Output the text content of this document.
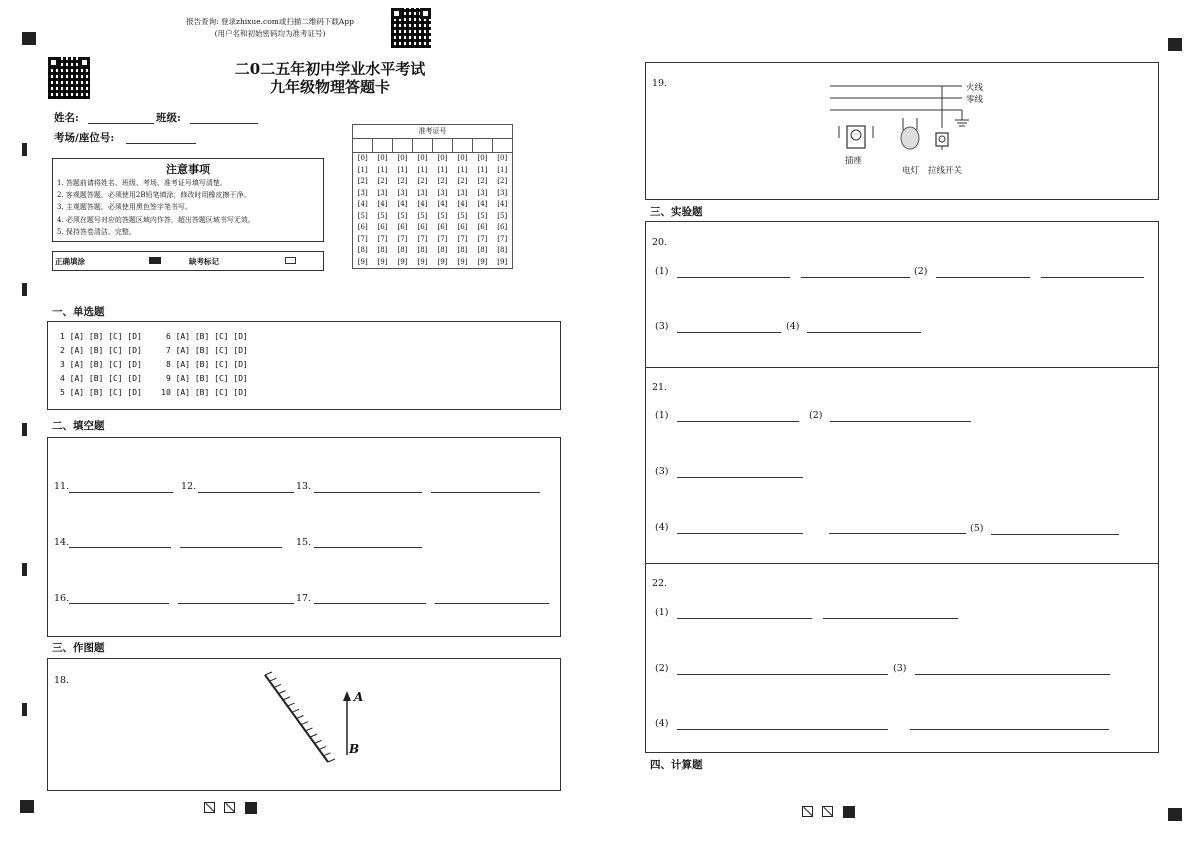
报告查询: 登录zhixue.com或扫描二维码下载App
(用户名和初始密码均为准考证号)
二0二五年初中学业水平考试
九年级物理答题卡
姓名:	班级:
考场/座位号:
准考证号							

[0]	[0]	[0]	[0]	[0]	[0]	[0]	[0]
[1]	[1]	[1]	[1]	[1]	[1]	[1]	[1]
[2]	[2]	[2]	[2]	[2]	[2]	[2]	[2]
[3]	[3]	[3]	[3]	[3]	[3]	[3]	[3]
[4]	[4]	[4]	[4]	[4]	[4]	[4]	[4]
[5]	[5]	[5]	[5]	[5]	[5]	[5]	[5]
[6]	[6]	[6]	[6]	[6]	[6]	[6]	[6]
[7]	[7]	[7]	[7]	[7]	[7]	[7]	[7]
[8]	[8]	[8]	[8]	[8]	[8]	[8]	[8]
[9]	[9]	[9]	[9]	[9]	[9]	[9]	[9]
注意事项
1. 答题前请将姓名、班级、考场、准考证号填写清楚。
2. 客观题答题，必须使用2B铅笔填涂，修改时用橡皮擦干净。
3. 主观题答题，必须使用黑色签字笔书写。
4. 必须在题号对应的答题区域内作答，超出答题区域书写无效。
5. 保持答卷清洁、完整。
正确填涂	缺考标记
一、单选题
1 [A] [B] [C] [D]     6 [A] [B] [C] [D]
2 [A] [B] [C] [D]     7 [A] [B] [C] [D]
3 [A] [B] [C] [D]     8 [A] [B] [C] [D]
4 [A] [B] [C] [D]     9 [A] [B] [C] [D]
5 [A] [B] [C] [D]    10 [A] [B] [C] [D]
二、填空题
11.	12.	13.
14.	15.
16.	17.
三、作图题
18.
A
B
19.	火线
零线
插座
电灯 拉线开关
三、实验题
20.
(1)	(2)
(3)	(4)
21.
(1)	(2)
(3)
(4)	(5)
22.
(1)
(2)	(3)
(4)
四、计算题
